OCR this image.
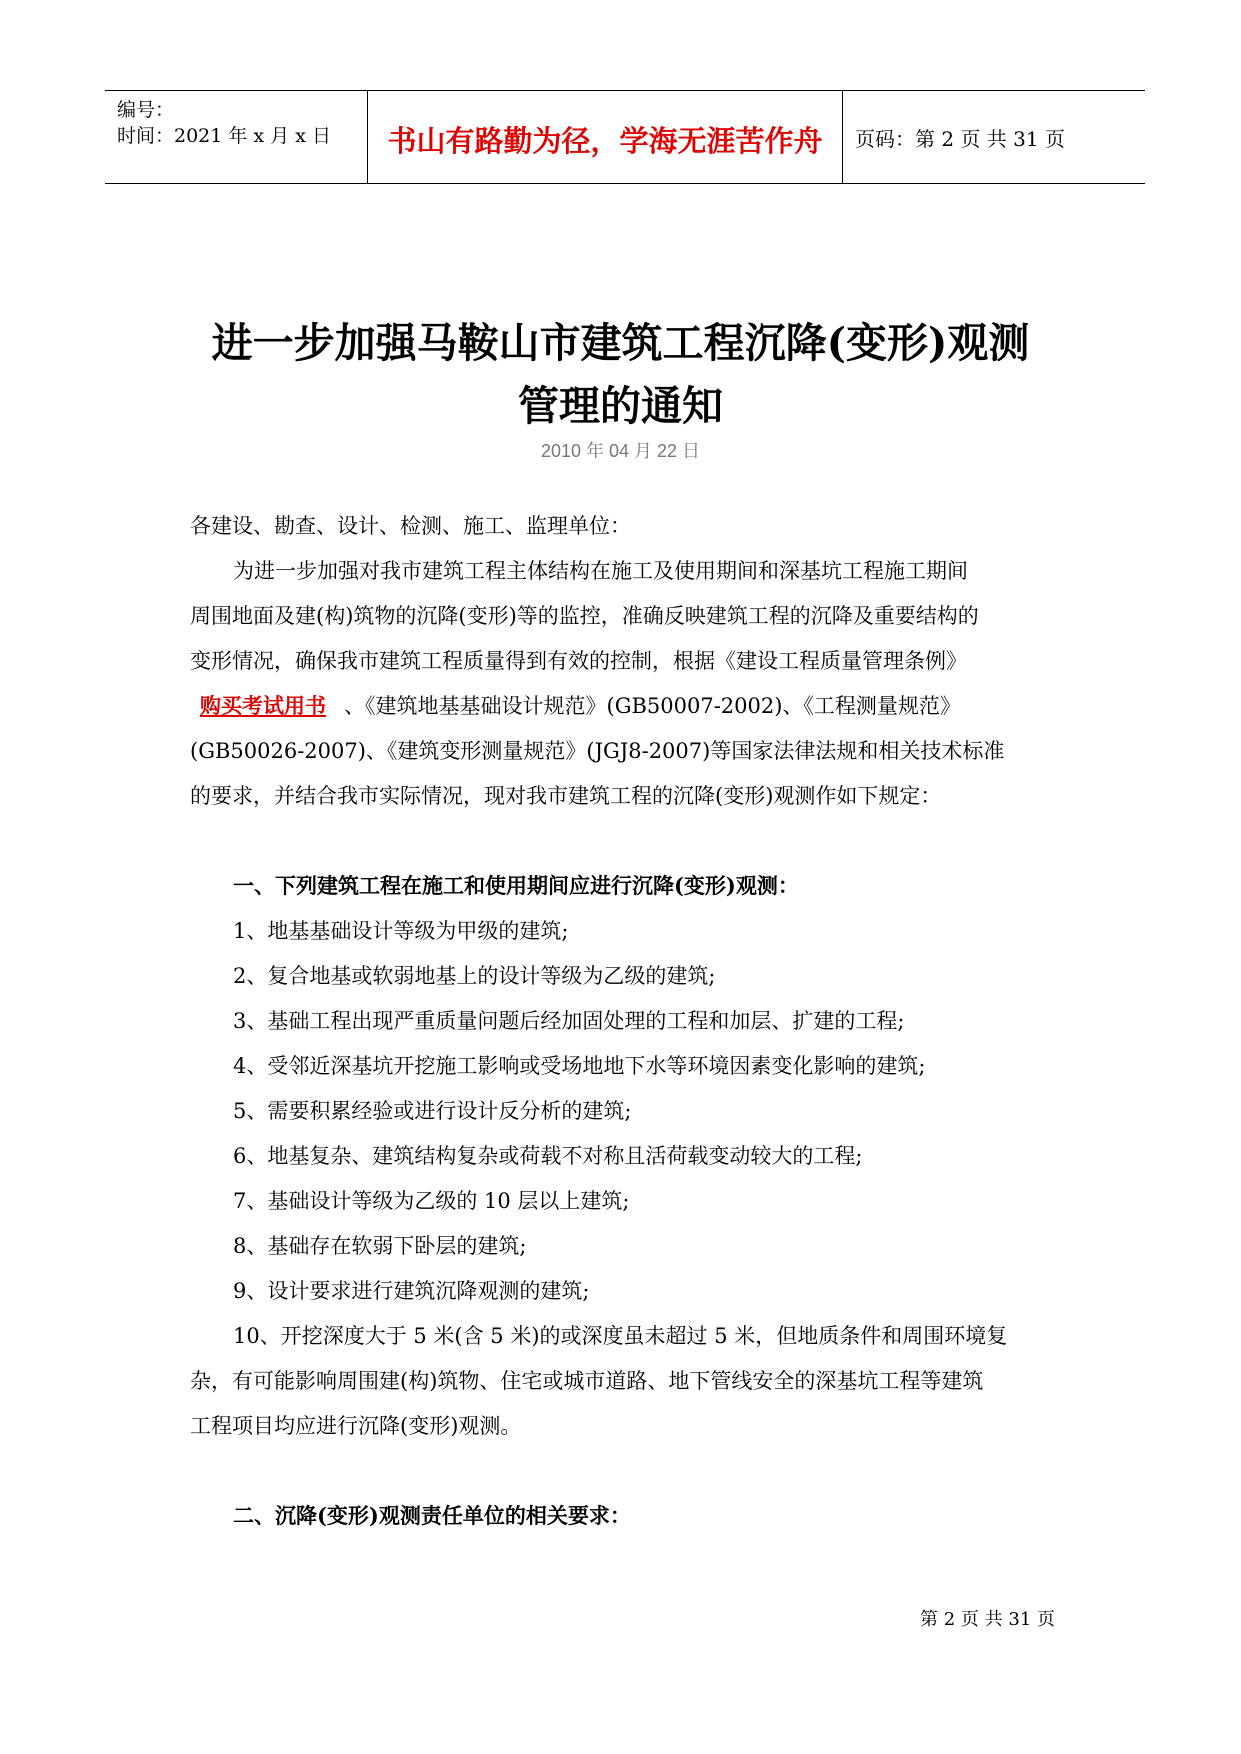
编号：
时间：2021 年 x 月 x 日	书山有路勤为径，学海无涯苦作舟	页码：第 2 页 共 31 页
进一步加强马鞍山市建筑工程沉降(变形)观测
管理的通知
2010 年 04 月 22 日
各建设、勘查、设计、检测、施工、监理单位：
为进一步加强对我市建筑工程主体结构在施工及使用期间和深基坑工程施工期间
周围地面及建(构)筑物的沉降(变形)等的监控，准确反映建筑工程的沉降及重要结构的
变形情况，确保我市建筑工程质量得到有效的控制，根据《建设工程质量管理条例》
购买考试用书 、《建筑地基基础设计规范》(GB50007-2002)、《工程测量规范》
(GB50026-2007)、《建筑变形测量规范》(JGJ8-2007)等国家法律法规和相关技术标准
的要求，并结合我市实际情况，现对我市建筑工程的沉降(变形)观测作如下规定：
一、下列建筑工程在施工和使用期间应进行沉降(变形)观测：
1、地基基础设计等级为甲级的建筑;
2、复合地基或软弱地基上的设计等级为乙级的建筑;
3、基础工程出现严重质量问题后经加固处理的工程和加层、扩建的工程;
4、受邻近深基坑开挖施工影响或受场地地下水等环境因素变化影响的建筑;
5、需要积累经验或进行设计反分析的建筑;
6、地基复杂、建筑结构复杂或荷载不对称且活荷载变动较大的工程;
7、基础设计等级为乙级的 10 层以上建筑;
8、基础存在软弱下卧层的建筑;
9、设计要求进行建筑沉降观测的建筑;
10、开挖深度大于 5 米(含 5 米)的或深度虽未超过 5 米，但地质条件和周围环境复
杂，有可能影响周围建(构)筑物、住宅或城市道路、地下管线安全的深基坑工程等建筑
工程项目均应进行沉降(变形)观测。
二、沉降(变形)观测责任单位的相关要求：
第 2 页 共 31 页
